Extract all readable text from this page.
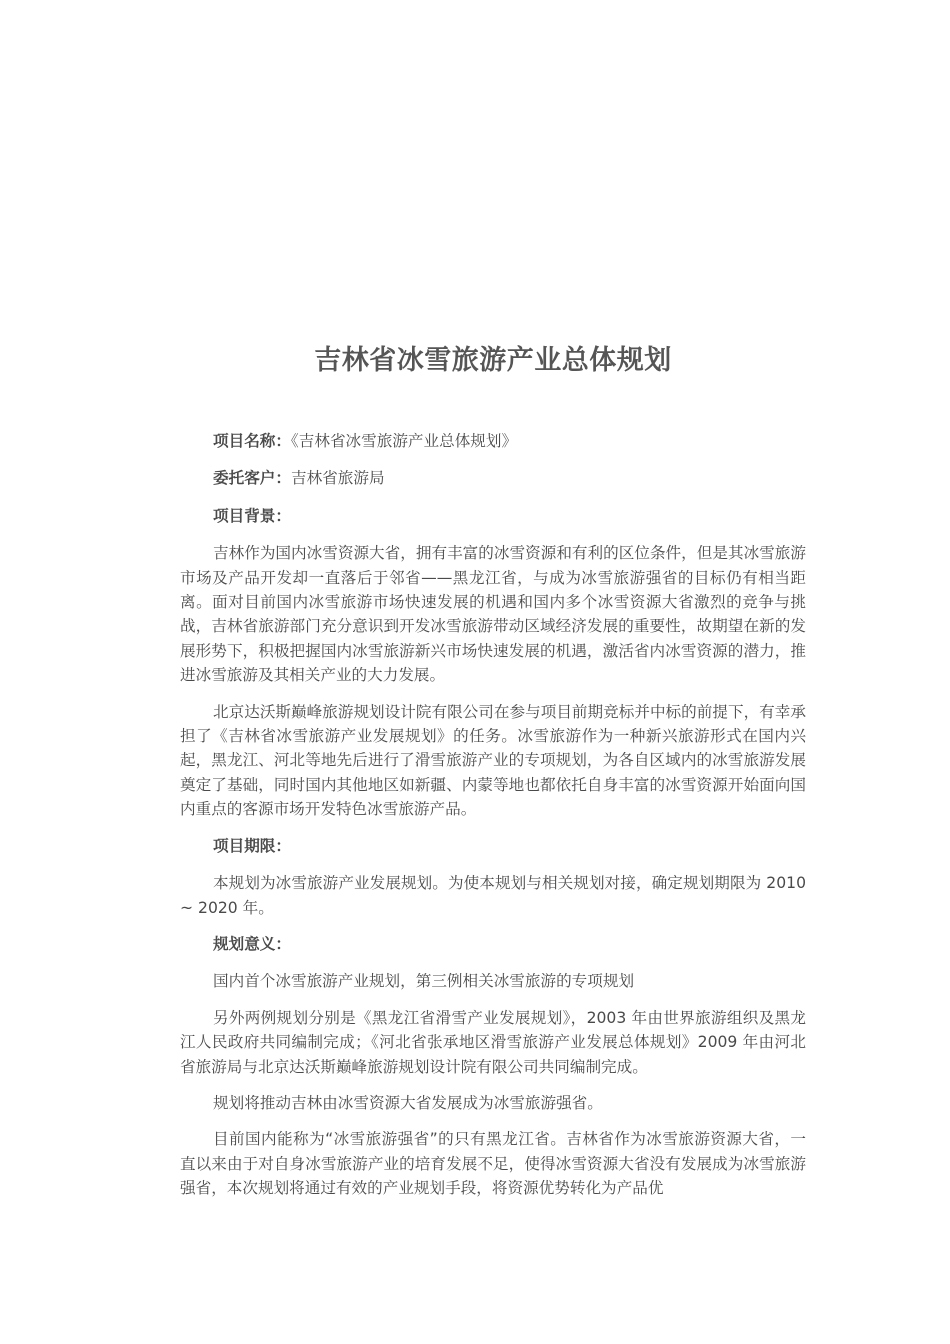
吉林省冰雪旅游产业总体规划

项目名称：《吉林省冰雪旅游产业总体规划》

委托客户：吉林省旅游局

项目背景：

吉林作为国内冰雪资源大省，拥有丰富的冰雪资源和有利的区位条件，但是其冰雪旅游市场及产品开发却一直落后于邻省——黑龙江省，与成为冰雪旅游强省的目标仍有相当距离。面对目前国内冰雪旅游市场快速发展的机遇和国内多个冰雪资源大省激烈的竞争与挑战，吉林省旅游部门充分意识到开发冰雪旅游带动区域经济发展的重要性，故期望在新的发展形势下，积极把握国内冰雪旅游新兴市场快速发展的机遇，激活省内冰雪资源的潜力，推进冰雪旅游及其相关产业的大力发展。

北京达沃斯巅峰旅游规划设计院有限公司在参与项目前期竞标并中标的前提下，有幸承担了《吉林省冰雪旅游产业发展规划》的任务。冰雪旅游作为一种新兴旅游形式在国内兴起，黑龙江、河北等地先后进行了滑雪旅游产业的专项规划，为各自区域内的冰雪旅游发展奠定了基础，同时国内其他地区如新疆、内蒙等地也都依托自身丰富的冰雪资源开始面向国内重点的客源市场开发特色冰雪旅游产品。

项目期限：

本规划为冰雪旅游产业发展规划。为使本规划与相关规划对接，确定规划期限为 2010 ~ 2020 年。

规划意义：

国内首个冰雪旅游产业规划，第三例相关冰雪旅游的专项规划

另外两例规划分别是《黑龙江省滑雪产业发展规划》，2003 年由世界旅游组织及黑龙江人民政府共同编制完成；《河北省张承地区滑雪旅游产业发展总体规划》2009 年由河北省旅游局与北京达沃斯巅峰旅游规划设计院有限公司共同编制完成。

规划将推动吉林由冰雪资源大省发展成为冰雪旅游强省。

目前国内能称为“冰雪旅游强省”的只有黑龙江省。吉林省作为冰雪旅游资源大省，一直以来由于对自身冰雪旅游产业的培育发展不足，使得冰雪资源大省没有发展成为冰雪旅游强省，本次规划将通过有效的产业规划手段，将资源优势转化为产品优
